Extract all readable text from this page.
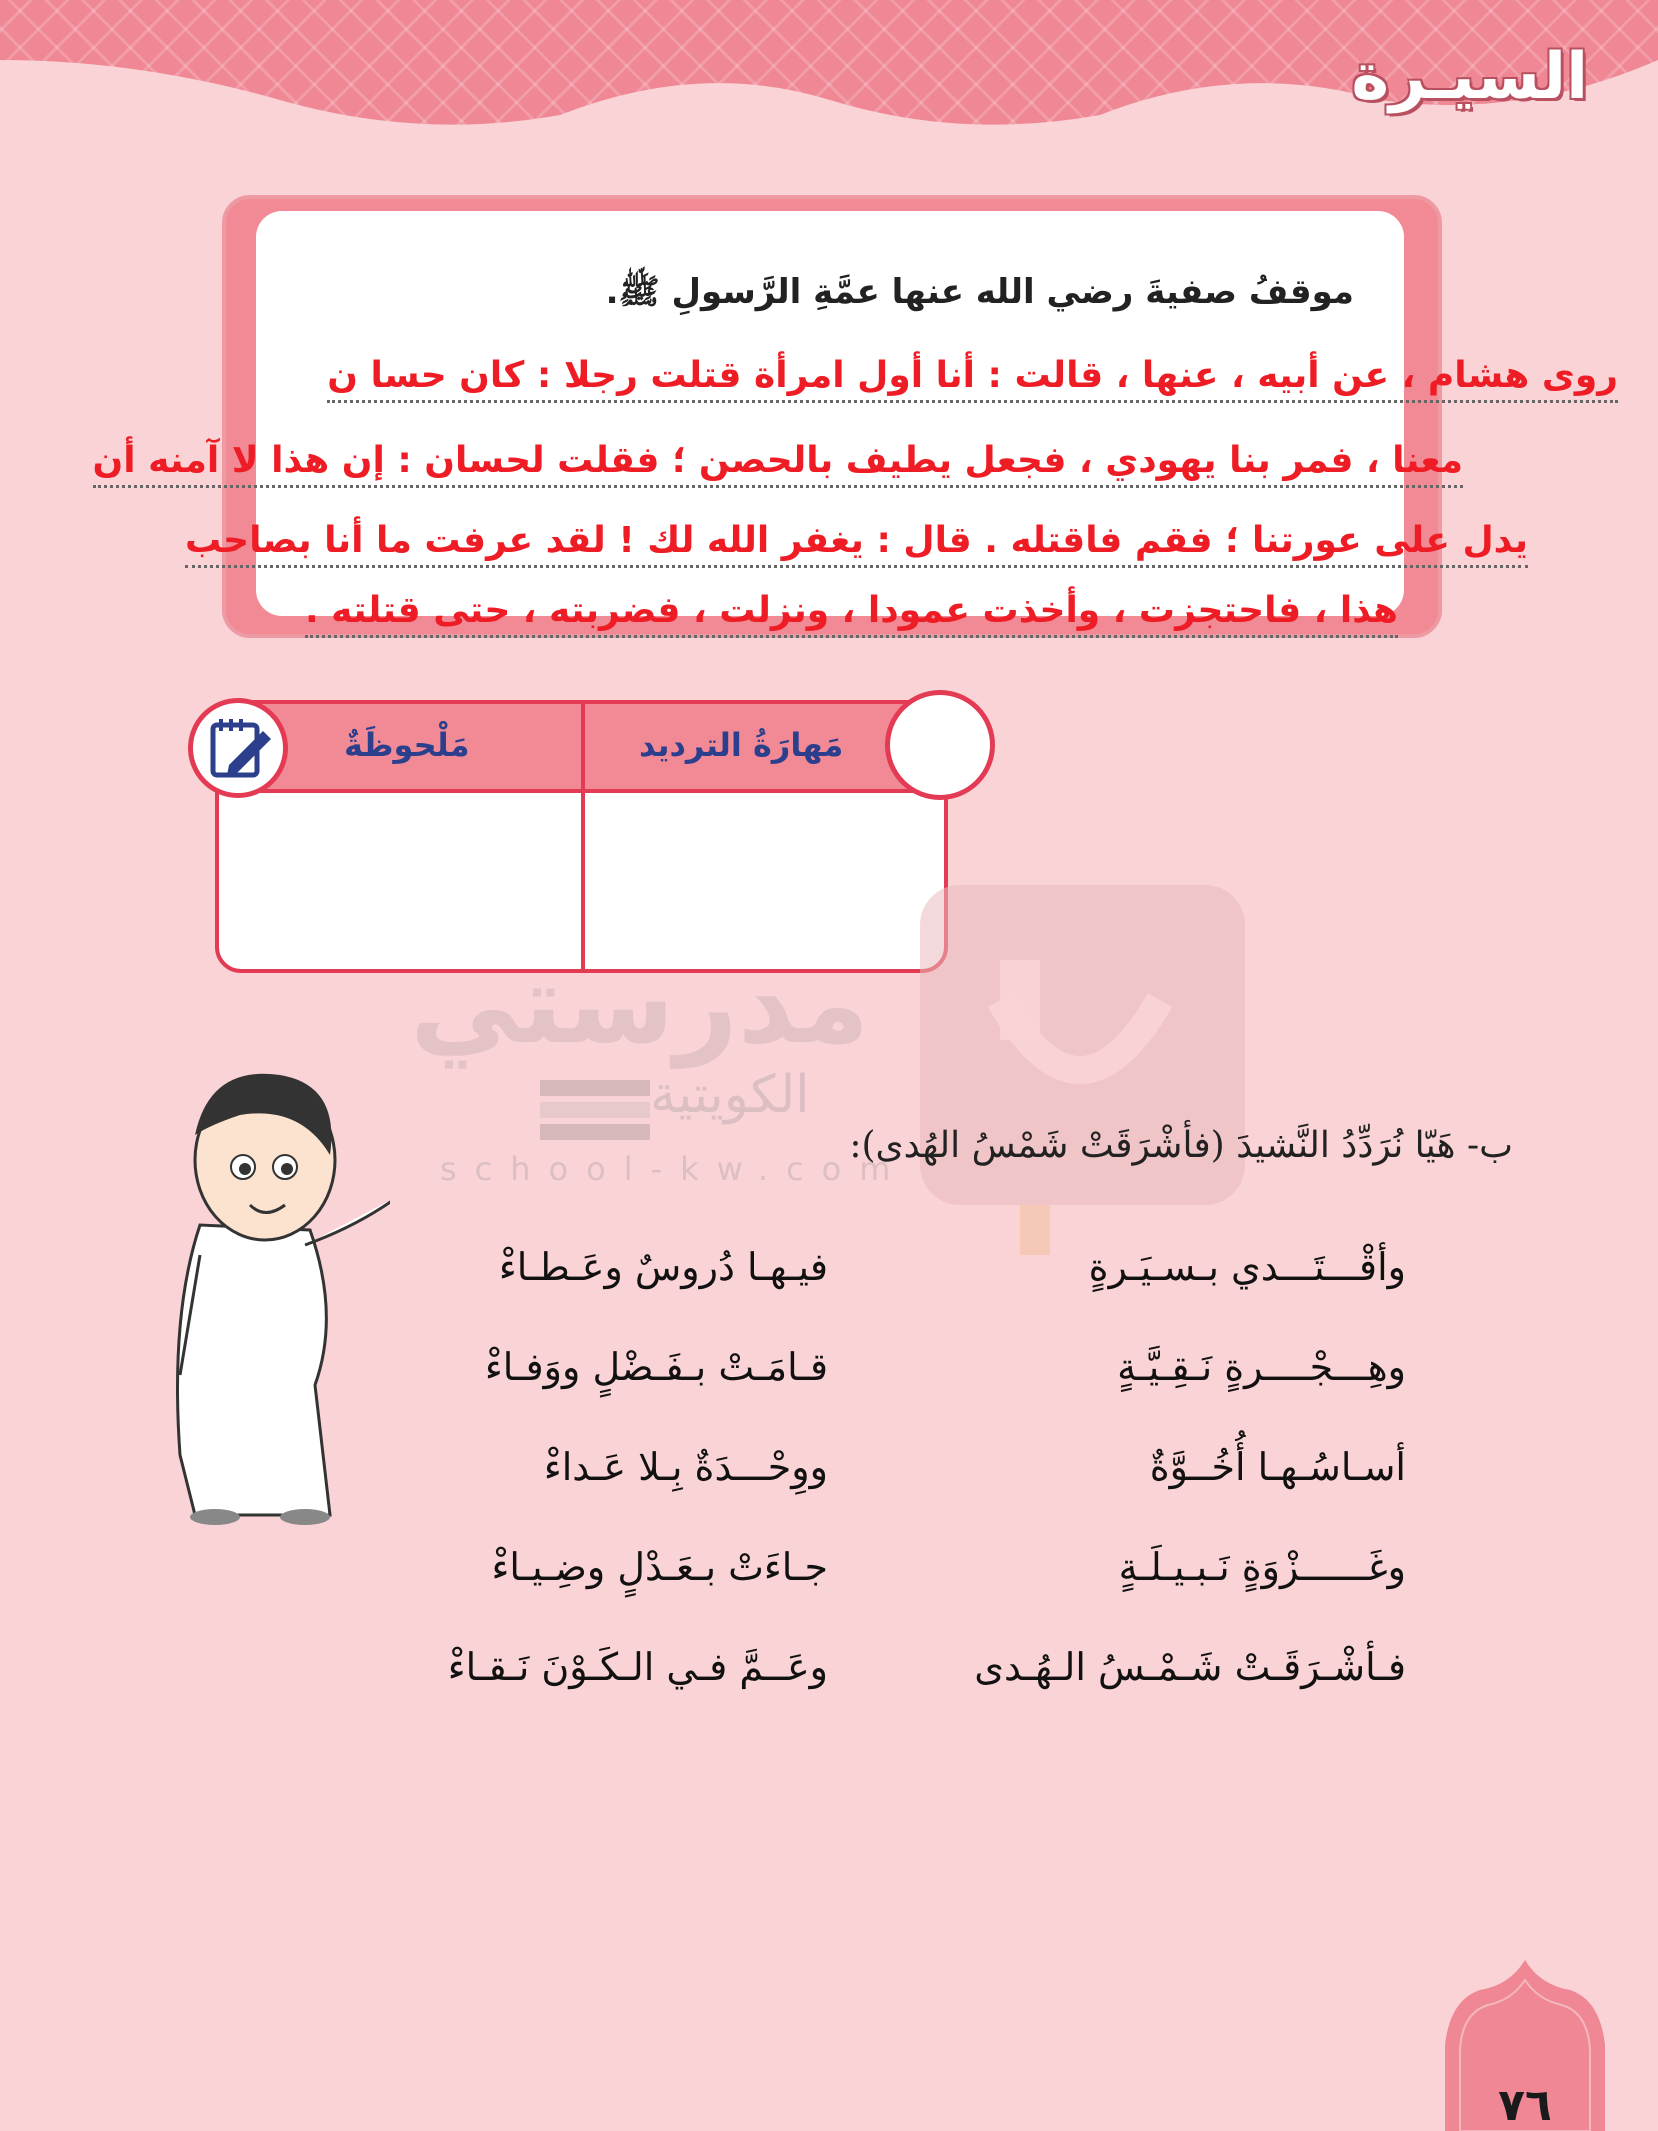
السيـرة
موقفُ صفيةَ رضي الله عنها عمَّةِ الرَّسولِ ﷺ.
روى هشام ، عن أبيه ، عنها ، قالت : أنا أول امرأة قتلت رجلا : كان حسا ن
معنا ، فمر بنا يهودي ، فجعل يطيف بالحصن ؛ فقلت لحسان : إن هذا لا آمنه أن
يدل على عورتنا ؛ فقم فاقتله . قال : يغفر الله لك ! لقد عرفت ما أنا بصاحب
هذا ، فاحتجزت ، وأخذت عمودا ، ونزلت ، فضربته ، حتى قتلته .
مَهارَةُ الترديد
مَلْحوظَةٌ
مدرستي
الكويتية
school-kw.com
ب- هَيّا نُرَدِّدُ النَّشيدَ (فأشْرَقَتْ شَمْسُ الهُدى):
وأقْـــتَـــدي بـسـيَـرةٍ
فيـهـا دُروسٌ وعَـطـاءْ
وهِـــجْــــرةٍ نَـقِـيَّـةٍ
قـامَـتْ بـفَـضْلٍ ووَفـاءْ
أسـاسُـهـا أُخُــوَّةٌ
ووِحْـــدَةٌ بِـلا عَـداءْ
وغَــــــزْوَةٍ نَـبـيـلَـةٍ
جـاءَتْ بـعَـدْلٍ وضِـيـاءْ
فـأشْـرَقَـتْ شَـمْـسُ الـهُـدى
وعَــمَّ فـي الـكَـوْنَ نَـقـاءْ
٧٦
